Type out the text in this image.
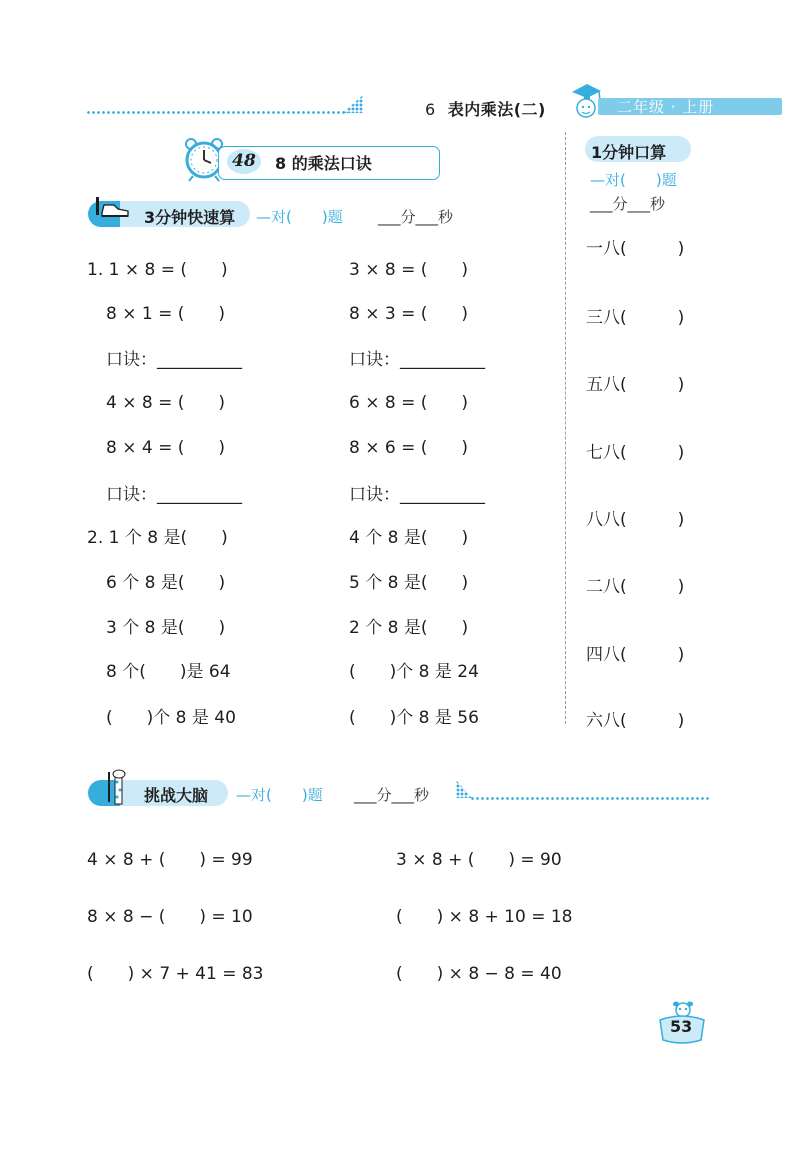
6 表内乘法(二)	二年级 · 上册
48	8 的乘法口诀
3分钟快速算 —对(　　)题 ___分___秒
1. 1 × 8 = (　　)	3 × 8 = (　　)
8 × 1 = (　　)	8 × 3 = (　　)
口诀：__________	口诀：__________
4 × 8 = (　　)	6 × 8 = (　　)
8 × 4 = (　　)	8 × 6 = (　　)
口诀：__________	口诀：__________
2. 1 个 8 是(　　)	4 个 8 是(　　)
6 个 8 是(　　)	5 个 8 是(　　)
3 个 8 是(　　)	2 个 8 是(　　)
8 个(　　)是 64	(　　)个 8 是 24
(　　)个 8 是 40	(　　)个 8 是 56
1分钟口算
—对(　　)题
___分___秒
一八(　　　)
三八(　　　)
五八(　　　)
七八(　　　)
八八(　　　)
二八(　　　)
四八(　　　)
六八(　　　)
挑战大脑 —对(　　)题 ___分___秒
4 × 8 + (　　) = 99	3 × 8 + (　　) = 90
8 × 8 − (　　) = 10	(　　) × 8 + 10 = 18
(　　) × 7 + 41 = 83	(　　) × 8 − 8 = 40
53
